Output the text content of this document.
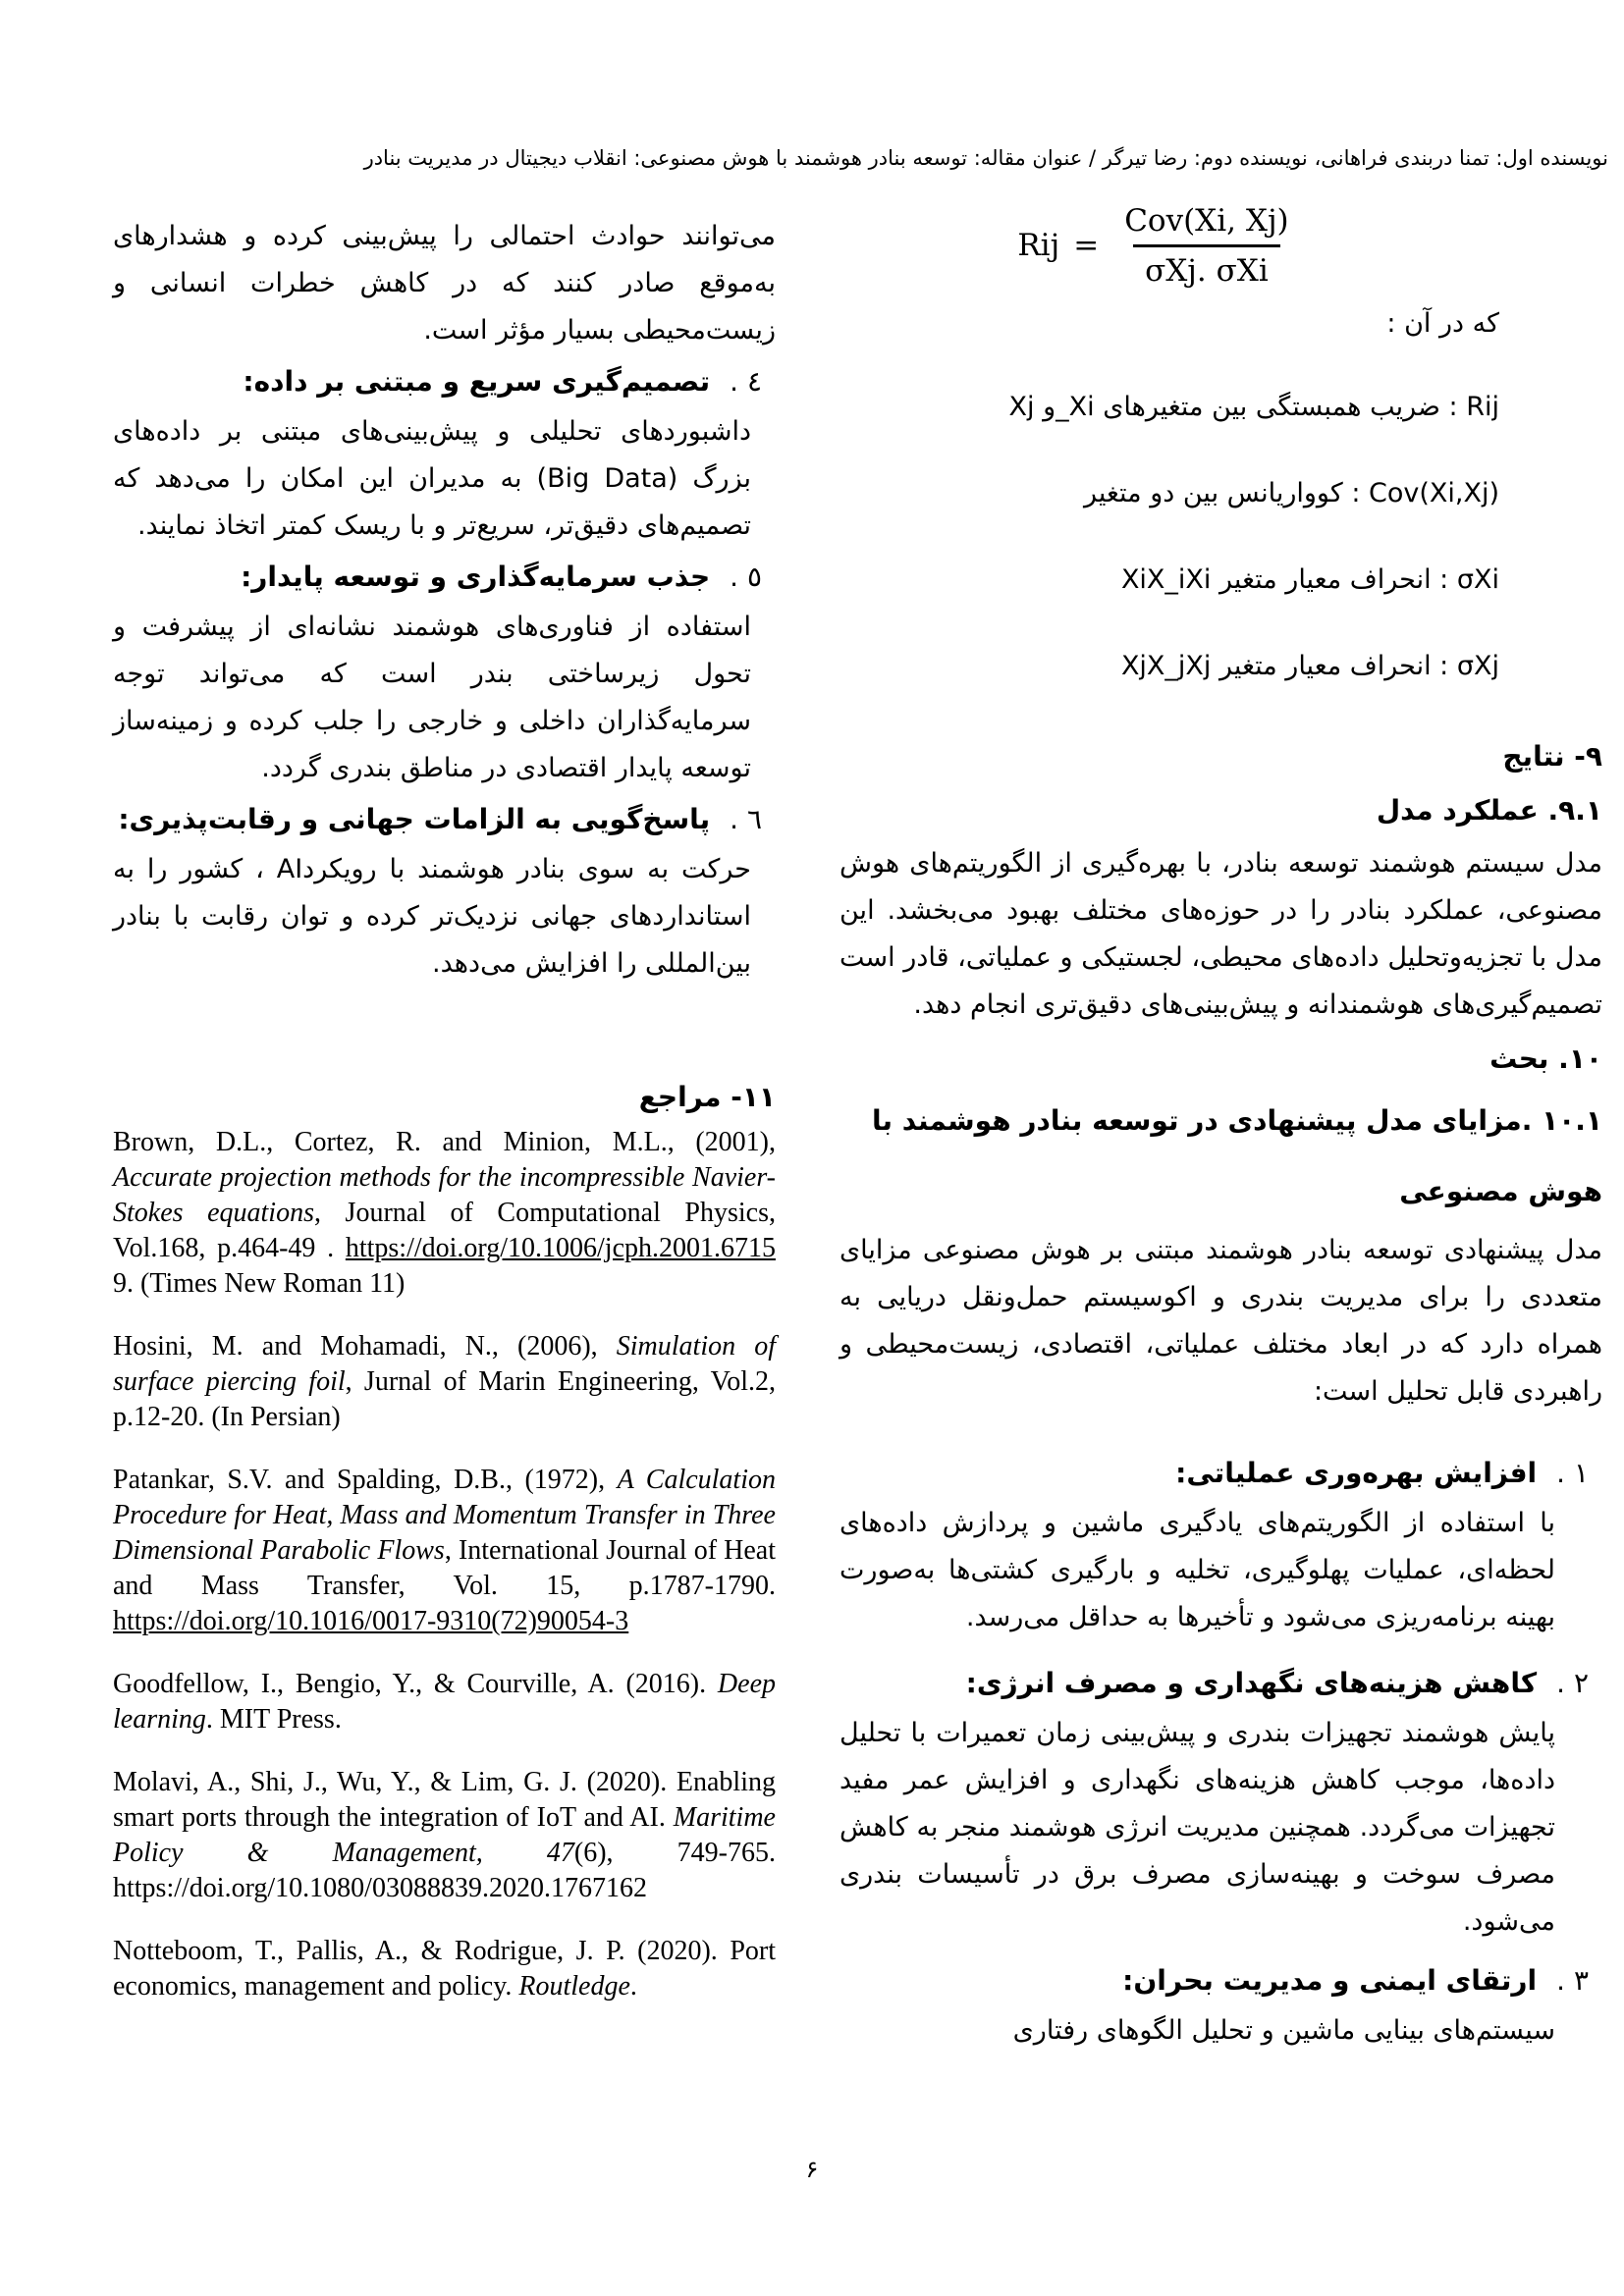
نویسنده اول: تمنا دربندی فراهانی، نویسنده دوم: رضا تیرگر / عنوان مقاله: توسعه بنادر هوشمند با هوش مصنوعی: انقلاب دیجیتال در مدیریت بنادر
می‌توانند حوادث احتمالی را پیش‌بینی کرده و هشدارهای به‌موقع صادر کنند که در کاهش خطرات انسانی و زیست‌محیطی بسیار مؤثر است.
٤ .تصمیم‌گیری سریع و مبتنی بر داده:
داشبوردهای تحلیلی و پیش‌بینی‌های مبتنی بر داده‌های بزرگ (Big Data) به مدیران این امکان را می‌دهد که تصمیم‌های دقیق‌تر، سریع‌تر و با ریسک کمتر اتخاذ نمایند.
٥ .جذب سرمایه‌گذاری و توسعه پایدار:
استفاده از فناوری‌های هوشمند نشانه‌ای از پیشرفت و تحول زیرساختی بندر است که می‌تواند توجه سرمایه‌گذاران داخلی و خارجی را جلب کرده و زمینه‌ساز توسعه پایدار اقتصادی در مناطق بندری گردد.
٦ .پاسخ‌گویی به الزامات جهانی و رقابت‌پذیری:
حرکت به سوی بنادر هوشمند با رویکردAI ، کشور را به استانداردهای جهانی نزدیک‌تر کرده و توان رقابت با بنادر بین‌المللی را افزایش می‌دهد.
۱۱- مراجع
Brown, D.L., Cortez, R. and Minion, M.L., (2001), Accurate projection methods for the incompressible Navier-Stokes equations, Journal of Computational Physics, Vol.168, p.464-49 . https://doi.org/10.1006/jcph.2001.6715 9. (Times New Roman 11)
Hosini, M. and Mohamadi, N., (2006), Simulation of surface piercing foil, Jurnal of Marin Engineering, Vol.2, p.12-20. (In Persian)
Patankar, S.V. and Spalding, D.B., (1972), A Calculation Procedure for Heat, Mass and Momentum Transfer in Three Dimensional Parabolic Flows, International Journal of Heat and Mass Transfer, Vol. 15, p.1787-1790. https://doi.org/10.1016/0017-9310(72)90054-3
Goodfellow, I., Bengio, Y., & Courville, A. (2016). Deep learning. MIT Press.
Molavi, A., Shi, J., Wu, Y., & Lim, G. J. (2020). Enabling smart ports through the integration of IoT and AI. Maritime Policy & Management, 47(6), 749-765. https://doi.org/10.1080/03088839.2020.1767162
Notteboom, T., Pallis, A., & Rodrigue, J. P. (2020). Port economics, management and policy. Routledge.
Rij = $\frac{\text{Cov(Xi, Xj)}}{\text{σXj. σXi}}$
که در آن :
Rij : ضریب همبستگی بین متغیرهای Xi_و Xj
Cov(Xi,Xj) : کوواریانس بین دو متغیر
σXi : انحراف معیار متغیر XiX_iXi
σXj : انحراف معیار متغیر XjX_jXj
۹- نتایج
۹.۱. عملکرد مدل
مدل سیستم هوشمند توسعه بنادر، با بهره‌گیری از الگوریتم‌های هوش مصنوعی، عملکرد بنادر را در حوزه‌های مختلف بهبود می‌بخشد. این مدل با تجزیه‌وتحلیل داده‌های محیطی، لجستیکی و عملیاتی، قادر است تصمیم‌گیری‌های هوشمندانه و پیش‌بینی‌های دقیق‌تری انجام دهد.
۱۰. بحث
۱۰.۱ .مزایای مدل پیشنهادی در توسعه بنادر هوشمند با هوش مصنوعی
مدل پیشنهادی توسعه بنادر هوشمند مبتنی بر هوش مصنوعی مزایای متعددی را برای مدیریت بندری و اکوسیستم حمل‌ونقل دریایی به همراه دارد که در ابعاد مختلف عملیاتی، اقتصادی، زیست‌محیطی و راهبردی قابل تحلیل است:
١ .افزایش بهره‌وری عملیاتی:
با استفاده از الگوریتم‌های یادگیری ماشین و پردازش داده‌های لحظه‌ای، عملیات پهلوگیری، تخلیه و بارگیری کشتی‌ها به‌صورت بهینه برنامه‌ریزی می‌شود و تأخیرها به حداقل می‌رسد.
٢ .کاهش هزینه‌های نگهداری و مصرف انرژی:
پایش هوشمند تجهیزات بندری و پیش‌بینی زمان تعمیرات با تحلیل داده‌ها، موجب کاهش هزینه‌های نگهداری و افزایش عمر مفید تجهیزات می‌گردد. همچنین مدیریت انرژی هوشمند منجر به کاهش مصرف سوخت و بهینه‌سازی مصرف برق در تأسیسات بندری می‌شود.
٣ .ارتقای ایمنی و مدیریت بحران:
سیستم‌های بینایی ماشین و تحلیل الگوهای رفتاری
۶
